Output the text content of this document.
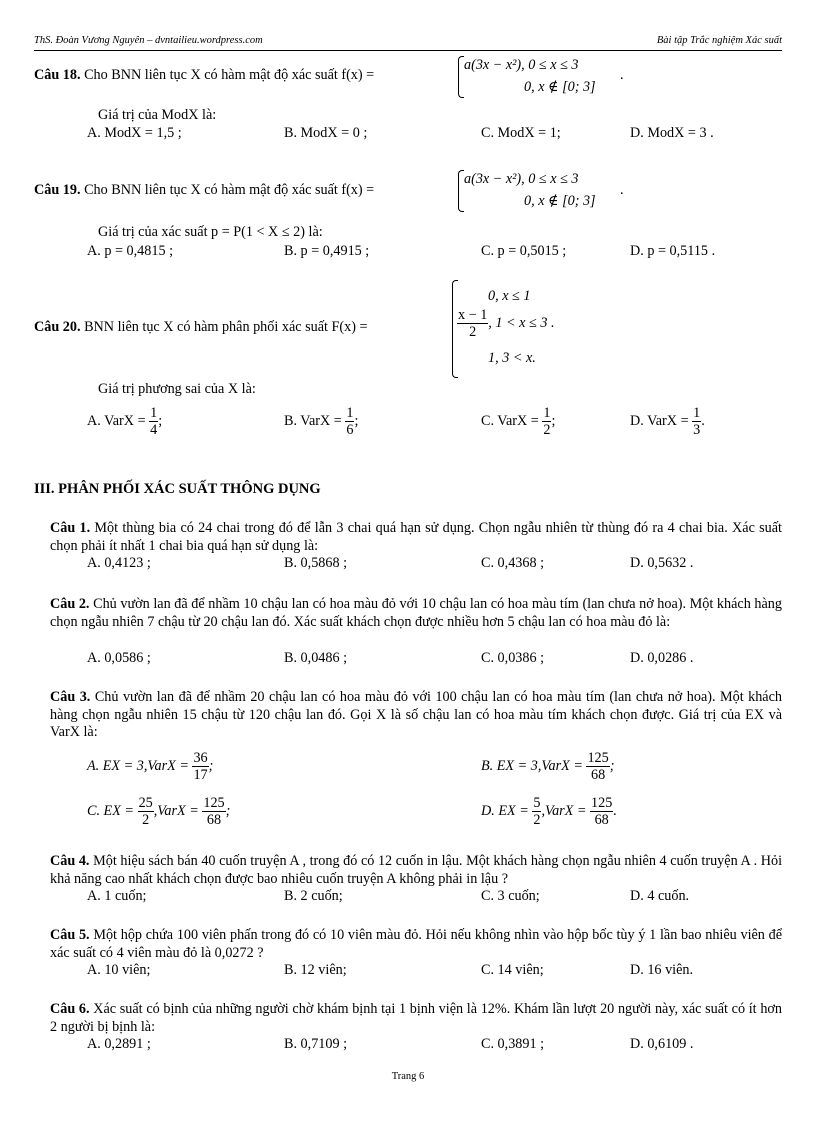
ThS. Đoàn Vương Nguyên – dvntailieu.wordpress.com	Bài tập Trắc nghiệm Xác suất
Câu 18. Cho BNN liên tục X có hàm mật độ xác suất f(x) =
a(3x − x²), 0 ≤ x ≤ 3
0, x ∉ [0; 3]
.
Giá trị của ModX là:
A. ModX = 1,5 ;	B. ModX = 0 ;	C. ModX = 1;	D. ModX = 3 .
Câu 19. Cho BNN liên tục X có hàm mật độ xác suất f(x) =
a(3x − x²), 0 ≤ x ≤ 3
0, x ∉ [0; 3]
.
Giá trị của xác suất p = P(1 < X ≤ 2) là:
A. p = 0,4815 ;	B. p = 0,4915 ;	C. p = 0,5015 ;	D. p = 0,5115 .
Câu 20. BNN liên tục X có hàm phân phối xác suất F(x) =
0, x ≤ 1
$\frac{x - 1}{2}$ , 1 < x ≤ 3 .
1, 3 < x.
Giá trị phương sai của X là:
A. VarX = $\frac{1}{4}$ ;	B. VarX = $\frac{1}{6}$ ;	C. VarX = $\frac{1}{2}$ ;	D. VarX = $\frac{1}{3}$ .
III. PHÂN PHỐI XÁC SUẤT THÔNG DỤNG
Câu 1. Một thùng bia có 24 chai trong đó để lẫn 3 chai quá hạn sử dụng. Chọn ngẫu nhiên từ thùng đó ra 4 chai bia. Xác suất chọn phải ít nhất 1 chai bia quá hạn sử dụng là:
A. 0,4123 ;	B. 0,5868 ;	C. 0,4368 ;	D. 0,5632 .
Câu 2. Chủ vườn lan đã để nhầm 10 chậu lan có hoa màu đỏ với 10 chậu lan có hoa màu tím (lan chưa nở hoa). Một khách hàng chọn ngẫu nhiên 7 chậu từ 20 chậu lan đó. Xác suất khách chọn được nhiều hơn 5 chậu lan có hoa màu đỏ là:
A. 0,0586 ;	B. 0,0486 ;	C. 0,0386 ;	D. 0,0286 .
Câu 3. Chủ vườn lan đã để nhầm 20 chậu lan có hoa màu đỏ với 100 chậu lan có hoa màu tím (lan chưa nở hoa). Một khách hàng chọn ngẫu nhiên 15 chậu từ 120 chậu lan đó. Gọi X là số chậu lan có hoa màu tím khách chọn được. Giá trị của EX và VarX là:
A. EX = 3,VarX = $\frac{36}{17}$ ;	B. EX = 3,VarX = $\frac{125}{68}$ ;
C. EX = $\frac{25}{2}$ ,VarX = $\frac{125}{68}$ ;	D. EX = $\frac{5}{2}$ ,VarX = $\frac{125}{68}$ .
Câu 4. Một hiệu sách bán 40 cuốn truyện A , trong đó có 12 cuốn in lậu. Một khách hàng chọn ngẫu nhiên 4 cuốn truyện A . Hỏi khả năng cao nhất khách chọn được bao nhiêu cuốn truyện A không phải in lậu ?
A. 1 cuốn;	B. 2 cuốn;	C. 3 cuốn;	D. 4 cuốn.
Câu 5. Một hộp chứa 100 viên phấn trong đó có 10 viên màu đỏ. Hỏi nếu không nhìn vào hộp bốc tùy ý 1 lần bao nhiêu viên để xác suất có 4 viên màu đỏ là 0,0272 ?
A. 10 viên;	B. 12 viên;	C. 14 viên;	D. 16 viên.
Câu 6. Xác suất có bịnh của những người chờ khám bịnh tại 1 bịnh viện là 12%. Khám lần lượt 20 người này, xác suất có ít hơn 2 người bị bịnh là:
A. 0,2891 ;	B. 0,7109 ;	C. 0,3891 ;	D. 0,6109 .
Trang 6
